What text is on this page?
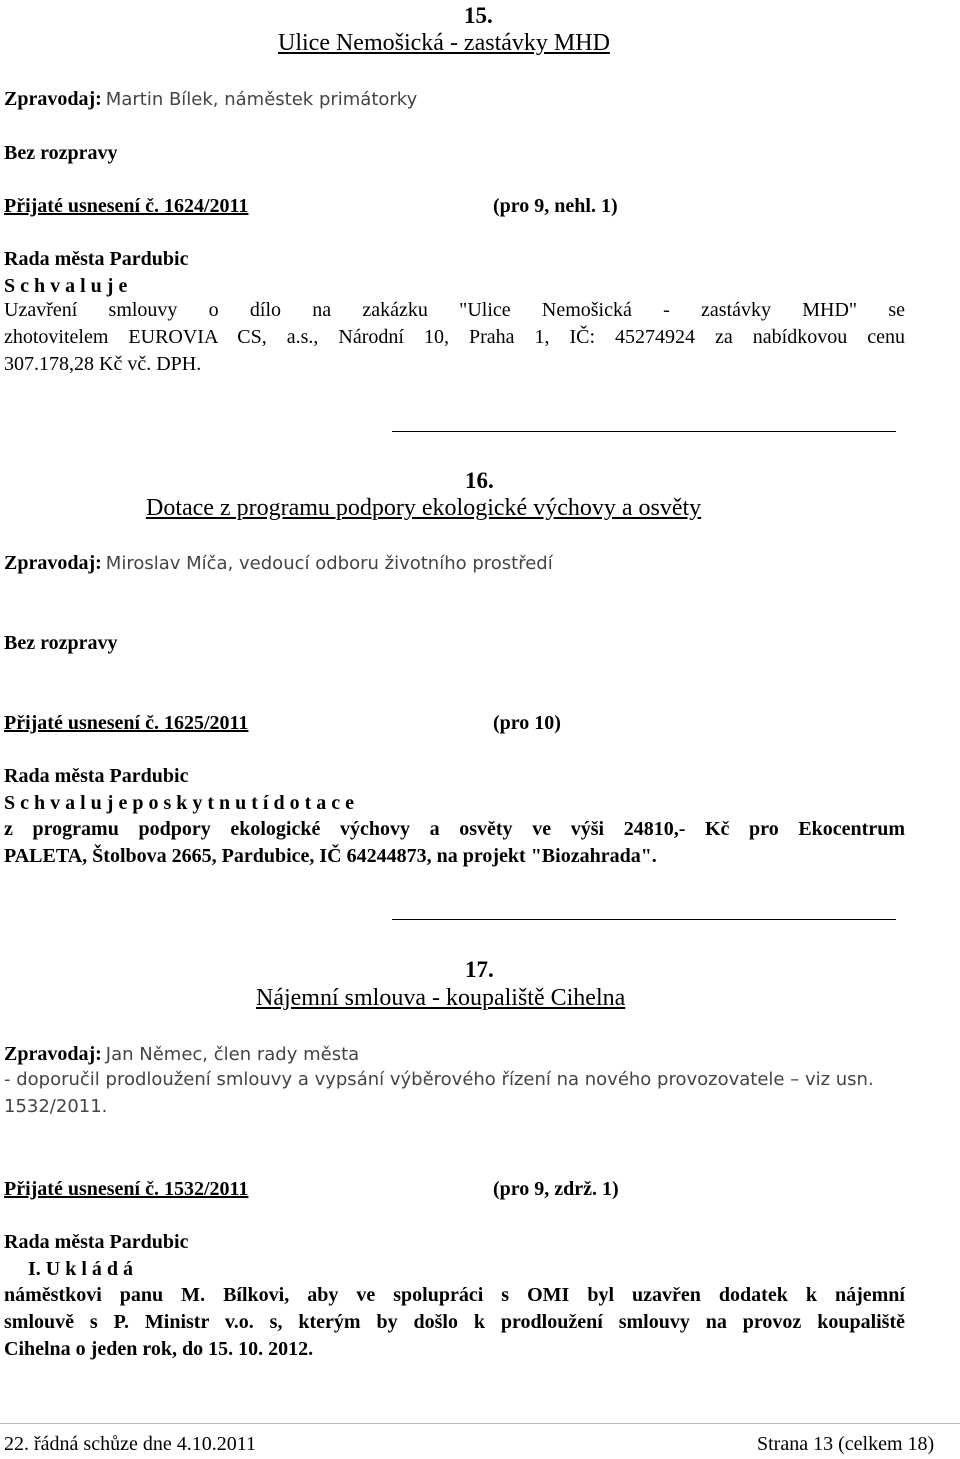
15.
Ulice Nemošická - zastávky MHD
Zpravodaj: Martin Bílek, náměstek primátorky
Bez rozpravy
Přijaté usnesení č. 1624/2011	(pro 9, nehl. 1)
Rada města Pardubic
S c h v a l u j e
Uzavření smlouvy o dílo na zakázku "Ulice Nemošická - zastávky MHD" se
zhotovitelem EUROVIA CS, a.s., Národní 10, Praha 1, IČ: 45274924 za nabídkovou cenu
307.178,28 Kč vč. DPH.
16.
Dotace z programu podpory ekologické výchovy a osvěty
Zpravodaj: Miroslav Míča, vedoucí odboru životního prostředí
Bez rozpravy
Přijaté usnesení č. 1625/2011	(pro 10)
Rada města Pardubic
S c h v a l u j e p o s k y t n u t í d o t a c e
z programu podpory ekologické výchovy a osvěty ve výši 24810,- Kč pro Ekocentrum
PALETA, Štolbova 2665, Pardubice, IČ 64244873, na projekt "Biozahrada".
17.
Nájemní smlouva - koupaliště Cihelna
Zpravodaj: Jan Němec, člen rady města
- doporučil prodloužení smlouvy a vypsání výběrového řízení na nového provozovatele – viz usn.
1532/2011.
Přijaté usnesení č. 1532/2011	(pro 9, zdrž. 1)
Rada města Pardubic
I. U k l á d á
náměstkovi panu M. Bílkovi, aby ve spolupráci s OMI byl uzavřen dodatek k nájemní
smlouvě s P. Ministr v.o. s, kterým by došlo k prodloužení smlouvy na provoz koupaliště
Cihelna o jeden rok, do 15. 10. 2012.
22. řádná schůze dne 4.10.2011	Strana 13 (celkem 18)
